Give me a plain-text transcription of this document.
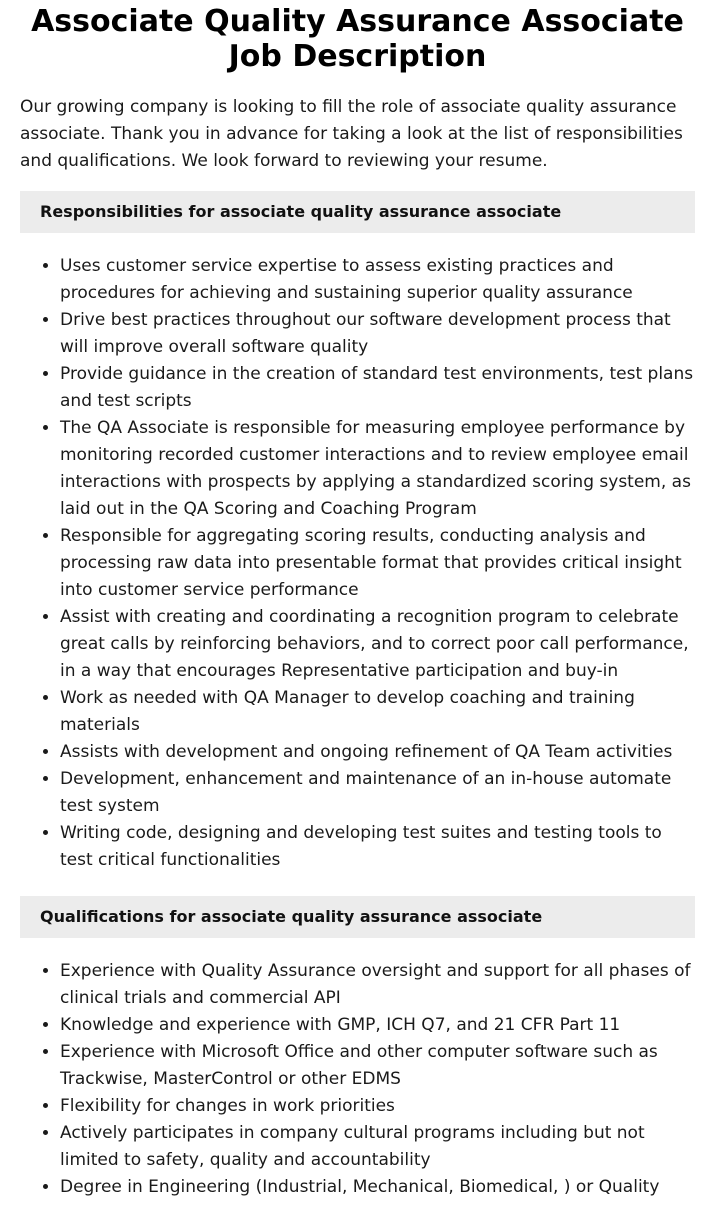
Associate Quality Assurance Associate Job Description

Our growing company is looking to fill the role of associate quality assurance associate. Thank you in advance for taking a look at the list of responsibilities and qualifications. We look forward to reviewing your resume.

Responsibilities for associate quality assurance associate
• Uses customer service expertise to assess existing practices and procedures for achieving and sustaining superior quality assurance
• Drive best practices throughout our software development process that will improve overall software quality
• Provide guidance in the creation of standard test environments, test plans and test scripts
• The QA Associate is responsible for measuring employee performance by monitoring recorded customer interactions and to review employee email interactions with prospects by applying a standardized scoring system, as laid out in the QA Scoring and Coaching Program
• Responsible for aggregating scoring results, conducting analysis and processing raw data into presentable format that provides critical insight into customer service performance
• Assist with creating and coordinating a recognition program to celebrate great calls by reinforcing behaviors, and to correct poor call performance, in a way that encourages Representative participation and buy-in
• Work as needed with QA Manager to develop coaching and training materials
• Assists with development and ongoing refinement of QA Team activities
• Development, enhancement and maintenance of an in-house automate test system
• Writing code, designing and developing test suites and testing tools to test critical functionalities
Qualifications for associate quality assurance associate
• Experience with Quality Assurance oversight and support for all phases of clinical trials and commercial API
• Knowledge and experience with GMP, ICH Q7, and 21 CFR Part 11
• Experience with Microsoft Office and other computer software such as Trackwise, MasterControl or other EDMS
• Flexibility for changes in work priorities
• Actively participates in company cultural programs including but not limited to safety, quality and accountability
• Degree in Engineering (Industrial, Mechanical, Biomedical, ) or Quality
